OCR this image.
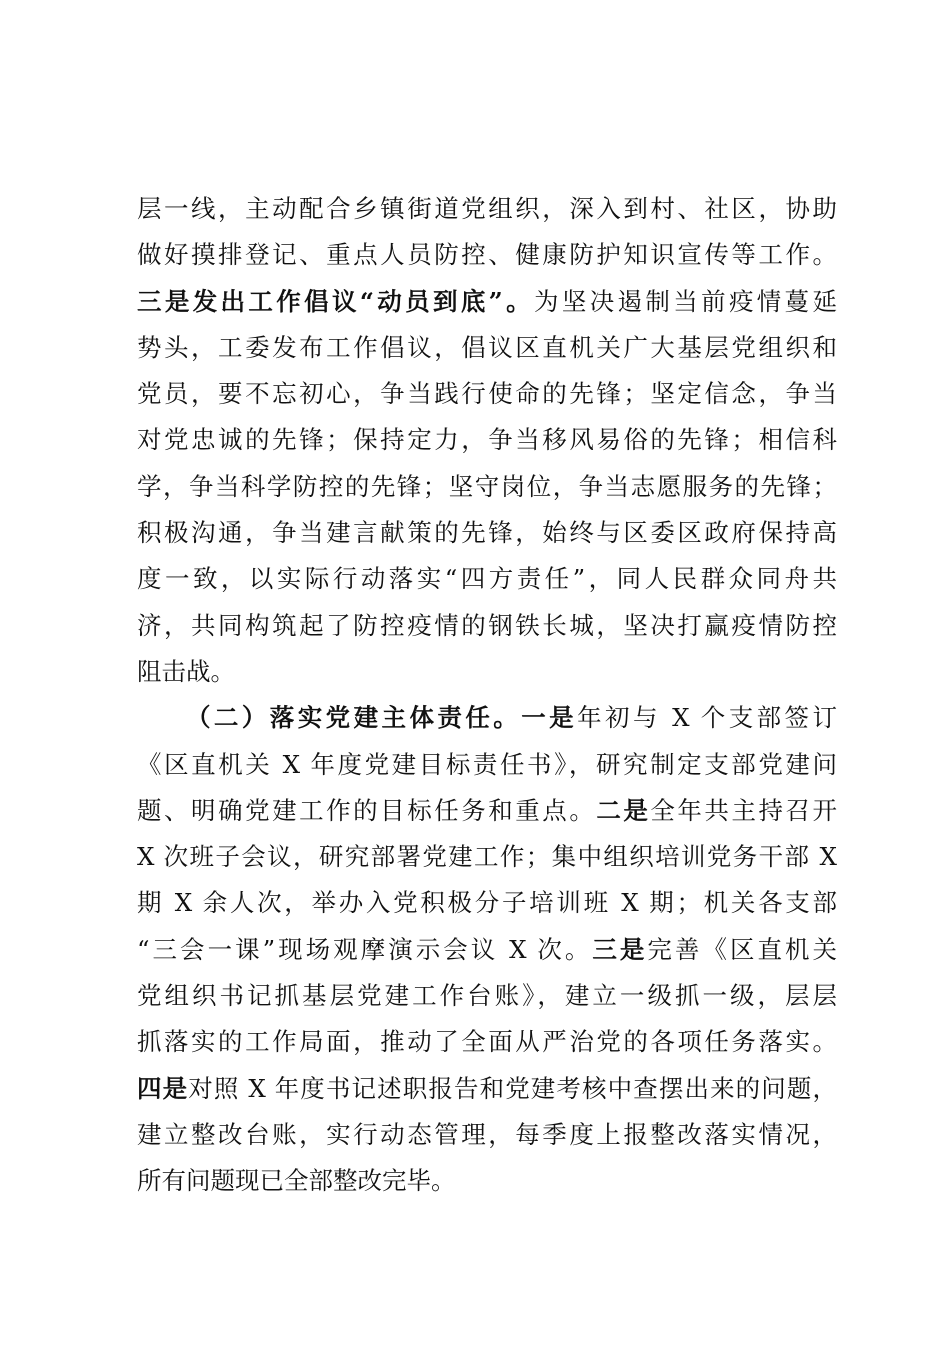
层一线，主动配合乡镇街道党组织，深入到村、社区，协助
做好摸排登记、重点人员防控、健康防护知识宣传等工作。
三是发出工作倡议“动员到底”。为坚决遏制当前疫情蔓延
势头，工委发布工作倡议，倡议区直机关广大基层党组织和
党员，要不忘初心，争当践行使命的先锋；坚定信念，争当
对党忠诚的先锋；保持定力，争当移风易俗的先锋；相信科
学，争当科学防控的先锋；坚守岗位，争当志愿服务的先锋；
积极沟通，争当建言献策的先锋，始终与区委区政府保持高
度一致，以实际行动落实“四方责任”，同人民群众同舟共
济，共同构筑起了防控疫情的钢铁长城，坚决打赢疫情防控
阻击战。
（二）落实党建主体责任。一是年初与 X 个支部签订
《区直机关 X 年度党建目标责任书》，研究制定支部党建问
题、明确党建工作的目标任务和重点。二是全年共主持召开
X 次班子会议，研究部署党建工作；集中组织培训党务干部 X
期 X 余人次，举办入党积极分子培训班 X 期；机关各支部
“三会一课”现场观摩演示会议 X 次。三是完善《区直机关
党组织书记抓基层党建工作台账》，建立一级抓一级，层层
抓落实的工作局面，推动了全面从严治党的各项任务落实。
四是对照 X 年度书记述职报告和党建考核中查摆出来的问题，
建立整改台账，实行动态管理，每季度上报整改落实情况，
所有问题现已全部整改完毕。
